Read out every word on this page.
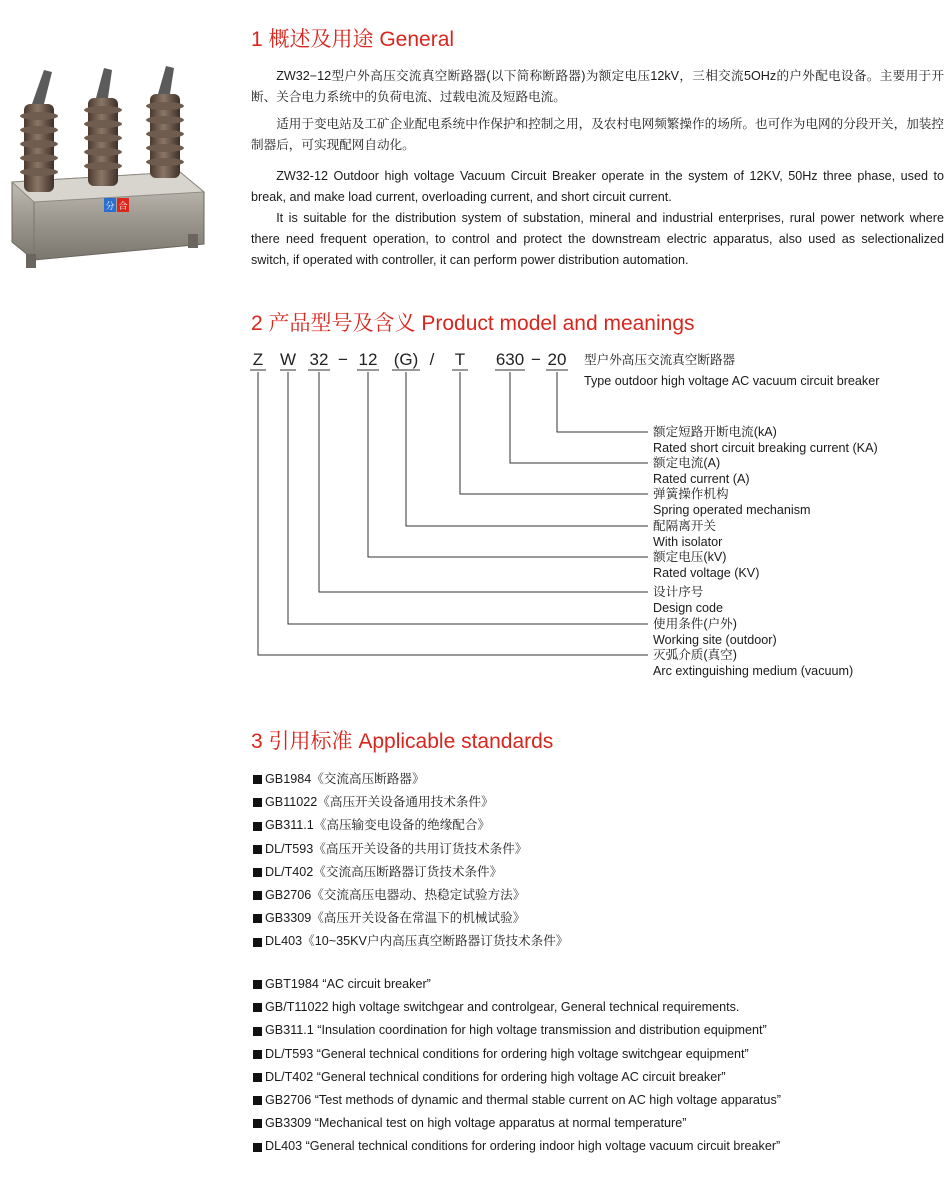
分 合
1 概述及用途 General

ZW32−12型户外高压交流真空断路器(以下简称断路器)为额定电压12kV，三相交流5OHz的户外配电设备。主要用于开断、关合电力系统中的负荷电流、过载电流及短路电流。

适用于变电站及工矿企业配电系统中作保护和控制之用，及农村电网频繁操作的场所。也可作为电网的分段开关，加装控制器后，可实现配网自动化。

ZW32-12 Outdoor high voltage Vacuum Circuit Breaker operate in the system of 12KV, 50Hz three phase, used to break, and make load current, overloading current, and short circuit current.

It is suitable for the distribution system of substation, mineral and industrial enterprises, rural power network where there need frequent operation, to control and protect the downstream electric apparatus, also used as selectionalized switch, if operated with controller, it can perform power distribution automation.

2 产品型号及含义 Product model and meanings
Z W 32 − 12 (G) / T 630 − 20 型户外高压交流真空断路器
Type outdoor high voltage AC vacuum circuit breaker
额定短路开断电流(kA)
Rated short circuit breaking current (KA)
额定电流(A)
Rated current (A)
弹簧操作机构
Spring operated mechanism
配隔离开关
With isolator
额定电压(kV)
Rated voltage (KV)
设计序号
Design code
使用条件(户外)
Working site (outdoor)
灭弧介质(真空)
Arc extinguishing medium (vacuum)
3 引用标准 Applicable standards
GB1984《交流高压断路器》
GB11022《高压开关设备通用技术条件》
GB311.1《高压输变电设备的绝缘配合》
DL/T593《高压开关设备的共用订货技术条件》
DL/T402《交流高压断路器订货技术条件》
GB2706《交流高压电器动、热稳定试验方法》
GB3309《高压开关设备在常温下的机械试验》
DL403《10~35KV户内高压真空断路器订货技术条件》
GBT1984 “AC circuit breaker”
GB/T11022 high voltage switchgear and controlgear, General technical requirements.
GB311.1 “Insulation coordination for high voltage transmission and distribution equipment”
DL/T593 “General technical conditions for ordering high voltage switchgear equipment”
DL/T402 “General technical conditions for ordering high voltage AC circuit breaker”
GB2706 “Test methods of dynamic and thermal stable current on AC high voltage apparatus”
GB3309 “Mechanical test on high voltage apparatus at normal temperature”
DL403 “General technical conditions for ordering indoor high voltage vacuum circuit breaker”
